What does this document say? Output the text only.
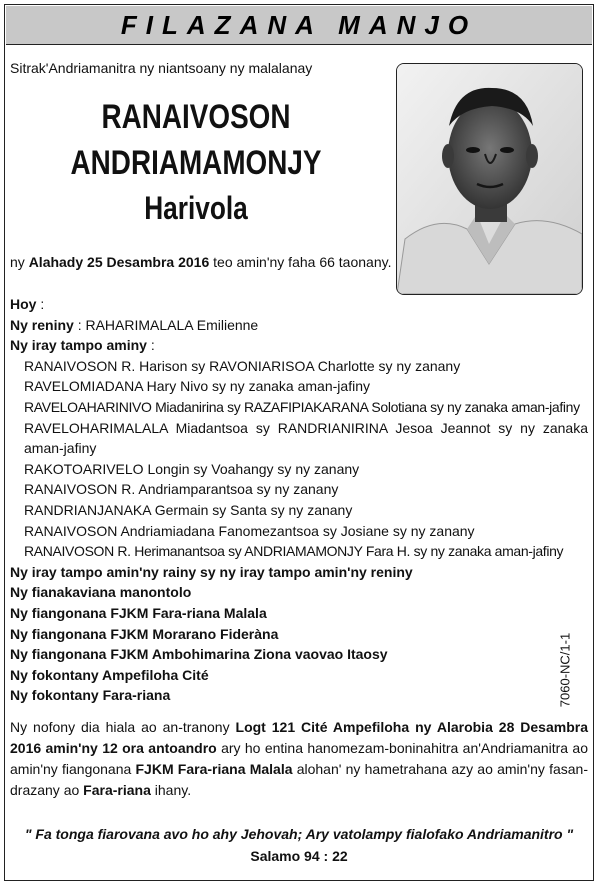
FILAZANA MANJO
Sitrak'Andriamanitra ny niantsoany ny malalanay
RANAIVOSON
ANDRIAMAMONJY
Harivola
ny Alahady 25 Desambra 2016 teo amin'ny faha 66 taonany.
Hoy :
Ny reniny : RAHARIMALALA Emilienne
Ny iray tampo aminy :
RANAIVOSON R. Harison sy RAVONIARISOA Charlotte sy ny zanany
RAVELOMIADANA Hary Nivo sy ny zanaka aman-jafiny
RAVELOAHARINIVO Miadanirina sy RAZAFIPIAKARANA Solotiana sy ny zanaka aman-jafiny
RAVELOHARIMALALA Miadantsoa sy RANDRIANIRINA Jesoa Jeannot sy ny zanaka aman-jafiny
RAKOTOARIVELO Longin sy Voahangy sy ny zanany
RANAIVOSON R. Andriamparantsoa sy ny zanany
RANDRIANJANAKA Germain sy Santa sy ny zanany
RANAIVOSON Andriamiadana Fanomezantsoa sy Josiane sy ny zanany
RANAIVOSON R. Herimanantsoa sy ANDRIAMAMONJY Fara H. sy ny zanaka aman-jafiny
Ny iray tampo amin'ny rainy sy ny iray tampo amin'ny reniny
Ny fianakaviana manontolo
Ny fiangonana FJKM Fara-riana Malala
Ny fiangonana FJKM Morarano Fideràna
Ny fiangonana FJKM Ambohimarina Ziona vaovao Itaosy
Ny fokontany Ampefiloha Cité
Ny fokontany Fara-riana	7060-NC/1-1
Ny nofony dia hiala ao an-tranony Logt 121 Cité Ampefiloha ny Alarobia 28 Desambra 2016 amin'ny 12 ora antoandro ary ho entina hanomezam-boninahitra an'Andriamanitra ao amin'ny fiangonana FJKM Fara-riana Malala alohan' ny hametrahana azy ao amin'ny fasan-drazany ao Fara-riana ihany.
" Fa tonga fiarovana avo ho ahy Jehovah; Ary vatolampy fialofako Andriamanitro "
Salamo 94 : 22
